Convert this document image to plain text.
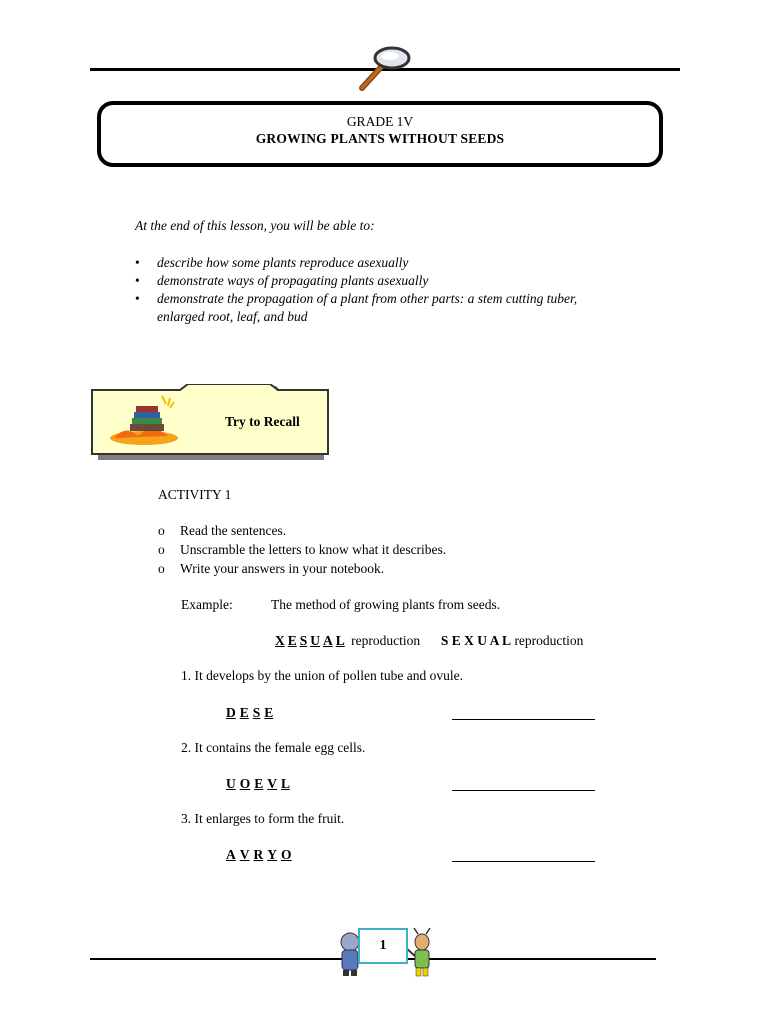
GRADE 1V
GROWING PLANTS WITHOUT SEEDS
At the end of this lesson, you will be able to:
• describe how some plants reproduce asexually
• demonstrate ways of propagating plants asexually
• demonstrate the propagation of a plant from other parts: a stem cutting tuber, enlarged root, leaf, and bud
Try to Recall
ACTIVITY 1
o Read the sentences.
o Unscramble the letters to know what it describes.
o Write your answers in your notebook.
Example:	The method of growing plants from seeds.
X E S U A L reproduction S E X U A L reproduction
1. It develops by the union of pollen tube and ovule.
D E S E
2. It contains the female egg cells.
U O E V L
3. It enlarges to form the fruit.
A V R Y O
1
